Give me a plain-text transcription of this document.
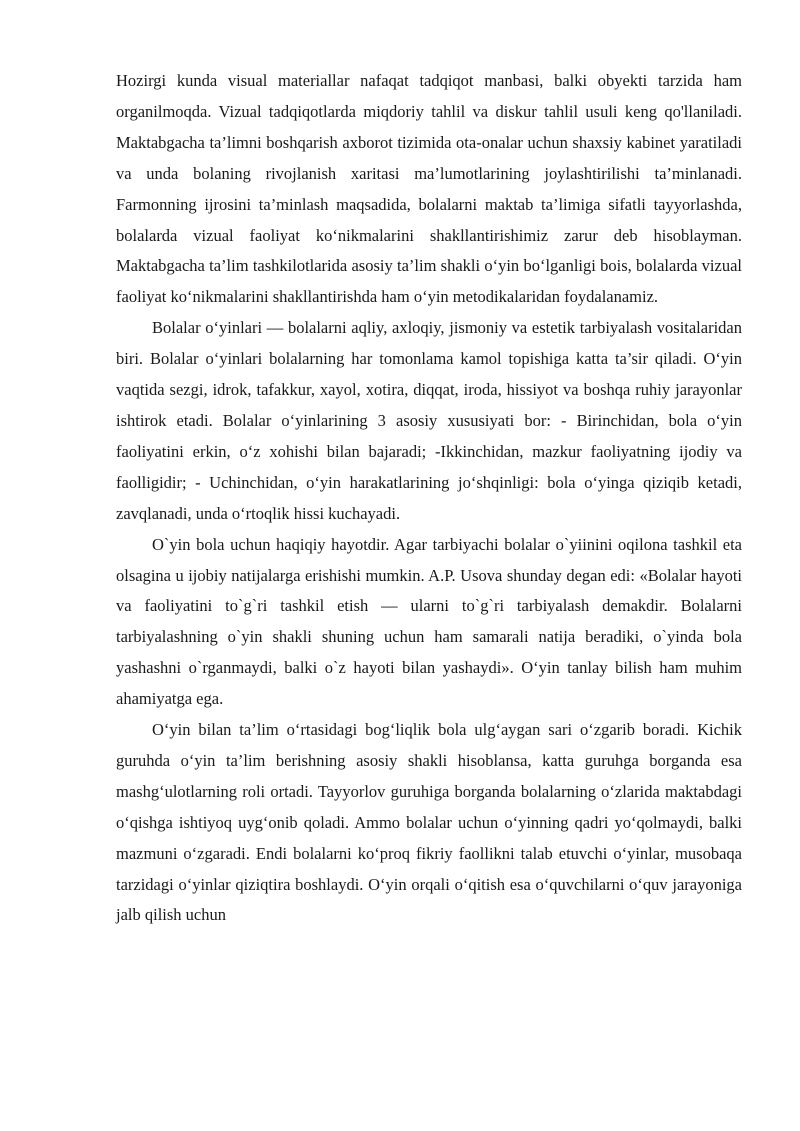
Hozirgi kunda visual materiallar nafaqat tadqiqot manbasi, balki obyekti tarzida ham organilmoqda. Vizual tadqiqotlarda miqdoriy tahlil va diskur tahlil usuli keng qo'llaniladi. Maktabgacha ta’limni boshqarish axborot tizimida ota-onalar uchun shaxsiy kabinet yaratiladi va unda bolaning rivojlanish xaritasi ma’lumotlarining joylashtirilishi ta’minlanadi. Farmonning ijrosini ta’minlash maqsadida, bolalarni maktab ta’limiga sifatli tayyorlashda, bolalarda vizual faoliyat ko‘nikmalarini shakllantirishimiz zarur deb hisoblayman. Maktabgacha ta’lim tashkilotlarida asosiy ta’lim shakli o‘yin bo‘lganligi bois, bolalarda vizual faoliyat ko‘nikmalarini shakllantirishda ham o‘yin metodikalaridan foydalanamiz.

Bolalar o‘yinlari — bolalarni aqliy, axloqiy, jismoniy va estetik tarbiyalash vositalaridan biri. Bolalar o‘yinlari bolalarning har tomonlama kamol topishiga katta ta’sir qiladi. O‘yin vaqtida sezgi, idrok, tafakkur, xayol, xotira, diqqat, iroda, hissiyot va boshqa ruhiy jarayonlar ishtirok etadi. Bolalar o‘yinlarining 3 asosiy xususiyati bor: - Birinchidan, bola o‘yin faoliyatini erkin, o‘z xohishi bilan bajaradi; -Ikkinchidan, mazkur faoliyatning ijodiy va faolligidir; - Uchinchidan, o‘yin harakatlarining jo‘shqinligi: bola o‘yinga qiziqib ketadi, zavqlanadi, unda o‘rtoqlik hissi kuchayadi.

O`yin bola uchun haqiqiy hayotdir. Agar tarbiyachi bolalar o`yiinini oqilona tashkil eta olsagina u ijobiy natijalarga erishishi mumkin. A.P. Usova shunday degan edi: «Bolalar hayoti va faoliyatini to`g`ri tashkil etish — ularni to`g`ri tarbiyalash demakdir. Bolalarni tarbiyalashning o`yin shakli shuning uchun ham samarali natija beradiki, o`yinda bola yashashni o`rganmaydi, balki o`z hayoti bilan yashaydi». O‘yin tanlay bilish ham muhim ahamiyatga ega.

O‘yin bilan ta’lim o‘rtasidagi bog‘liqlik bola ulg‘aygan sari o‘zgarib boradi. Kichik guruhda o‘yin ta’lim berishning asosiy shakli hisoblansa, katta guruhga borganda esa mashg‘ulotlarning roli ortadi. Tayyorlov guruhiga borganda bolalarning o‘zlarida maktabdagi o‘qishga ishtiyoq uyg‘onib qoladi. Ammo bolalar uchun o‘yinning qadri yo‘qolmaydi, balki mazmuni o‘zgaradi. Endi bolalarni ko‘proq fikriy faollikni talab etuvchi o‘yinlar, musobaqa tarzidagi o‘yinlar qiziqtira boshlaydi. O‘yin orqali o‘qitish esa o‘quvchilarni o‘quv jarayoniga jalb qilish uchun
